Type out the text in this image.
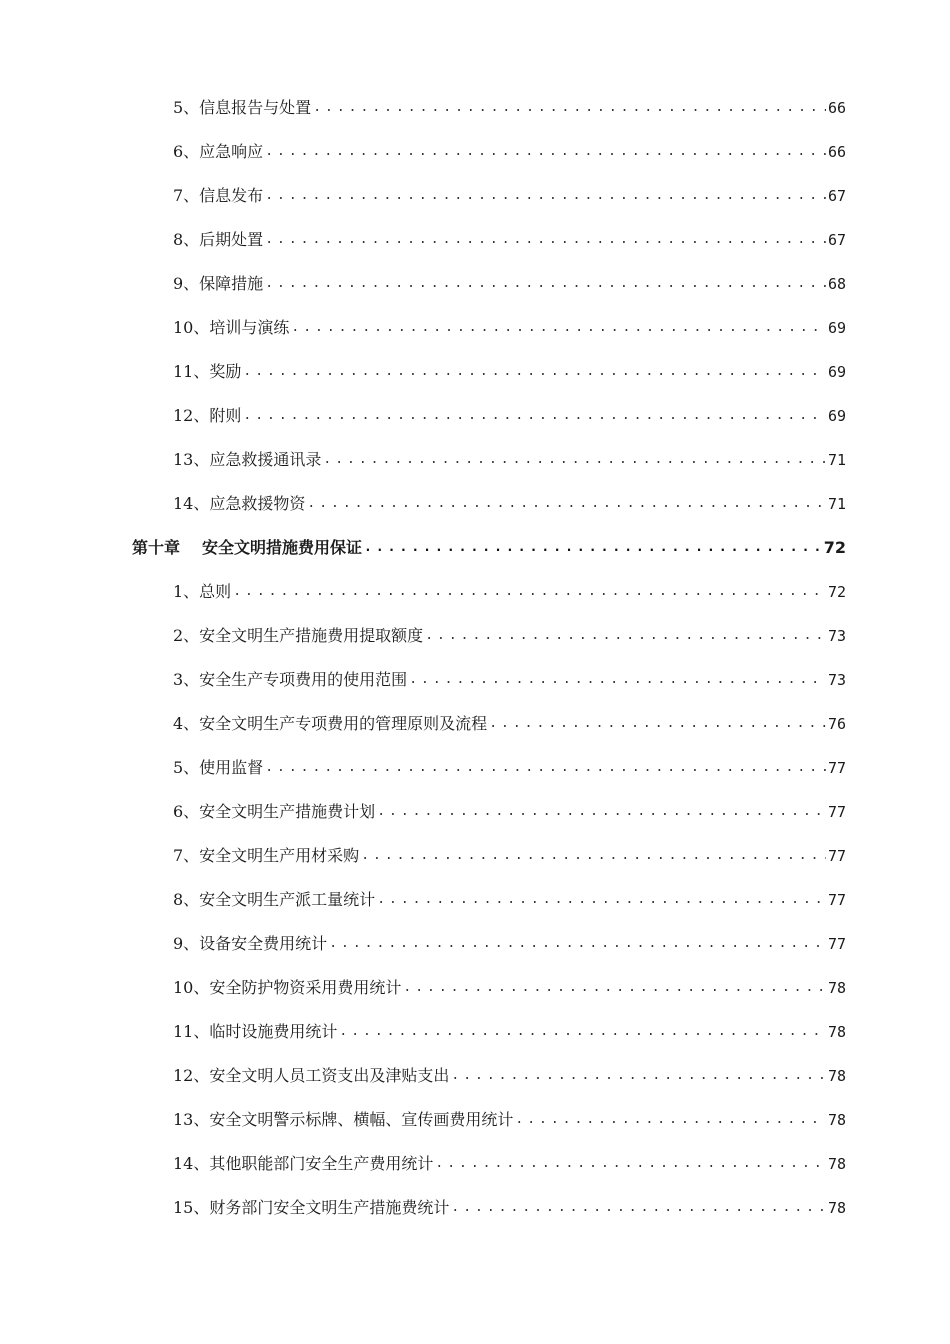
5、信息报告与处置 .....	66
6、应急响应 .....	66
7、信息发布 .....	67
8、后期处置 .....	67
9、保障措施 .....	68
10、培训与演练 .....	69
11、奖励 .....	69
12、附则 .....	69
13、应急救援通讯录 .....	71
14、应急救援物资 .....	71
第十章 安全文明措施费用保证 .....	72
1、总则 .....	72
2、安全文明生产措施费用提取额度 .....	73
3、安全生产专项费用的使用范围 .....	73
4、安全文明生产专项费用的管理原则及流程 .....	76
5、使用监督 .....	77
6、安全文明生产措施费计划 .....	77
7、安全文明生产用材采购 .....	77
8、安全文明生产派工量统计 .....	77
9、设备安全费用统计 .....	77
10、安全防护物资采用费用统计 .....	78
11、临时设施费用统计 .....	78
12、安全文明人员工资支出及津贴支出 .....	78
13、安全文明警示标牌、横幅、宣传画费用统计 .....	78
14、其他职能部门安全生产费用统计 .....	78
15、财务部门安全文明生产措施费统计 .....	78
